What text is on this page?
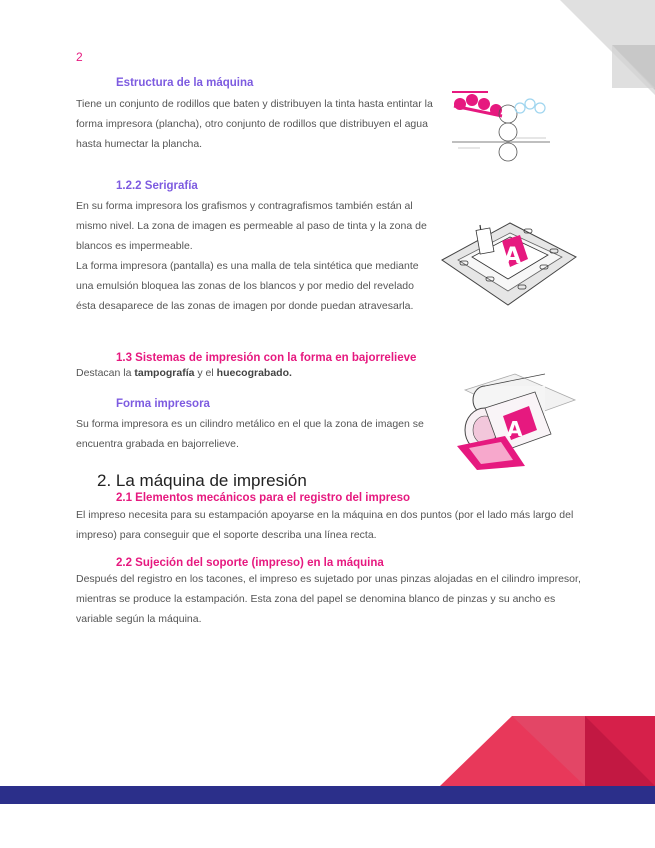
2
Estructura de la máquina
Tiene un conjunto de rodillos que baten y distribuyen la tinta hasta entintar la forma impresora (plancha), otro conjunto de rodillos que distribuyen el agua hasta humectar la plancha.
1.2.2 Serigrafía
En su forma impresora los grafismos y contragrafismos también están al mismo nivel. La zona de imagen es permeable al paso de tinta y la zona de blancos es impermeable.
La forma impresora (pantalla) es una malla de tela sintética que mediante una emulsión bloquea las zonas de los blancos y por medio del revelado ésta desaparece de las zonas de imagen por donde puedan atravesarla.
A
1.3 Sistemas de impresión con la forma en bajorrelieve
Destacan la tampografía y el huecograbado.
Forma impresora
Su forma impresora es un cilindro metálico en el que la zona de imagen se encuentra grabada en bajorrelieve.
A
2. La máquina de impresión
2.1 Elementos mecánicos para el registro del impreso
El impreso necesita para su estampación apoyarse en la máquina en dos puntos (por el lado más largo del impreso) para conseguir que el soporte describa una línea recta.
2.2 Sujeción del soporte (impreso) en la máquina
Después del registro en los tacones, el impreso es sujetado por unas pinzas alojadas en el cilindro impresor, mientras se produce la estampación. Esta zona del papel se denomina blanco de pinzas y su ancho es variable según la máquina.
